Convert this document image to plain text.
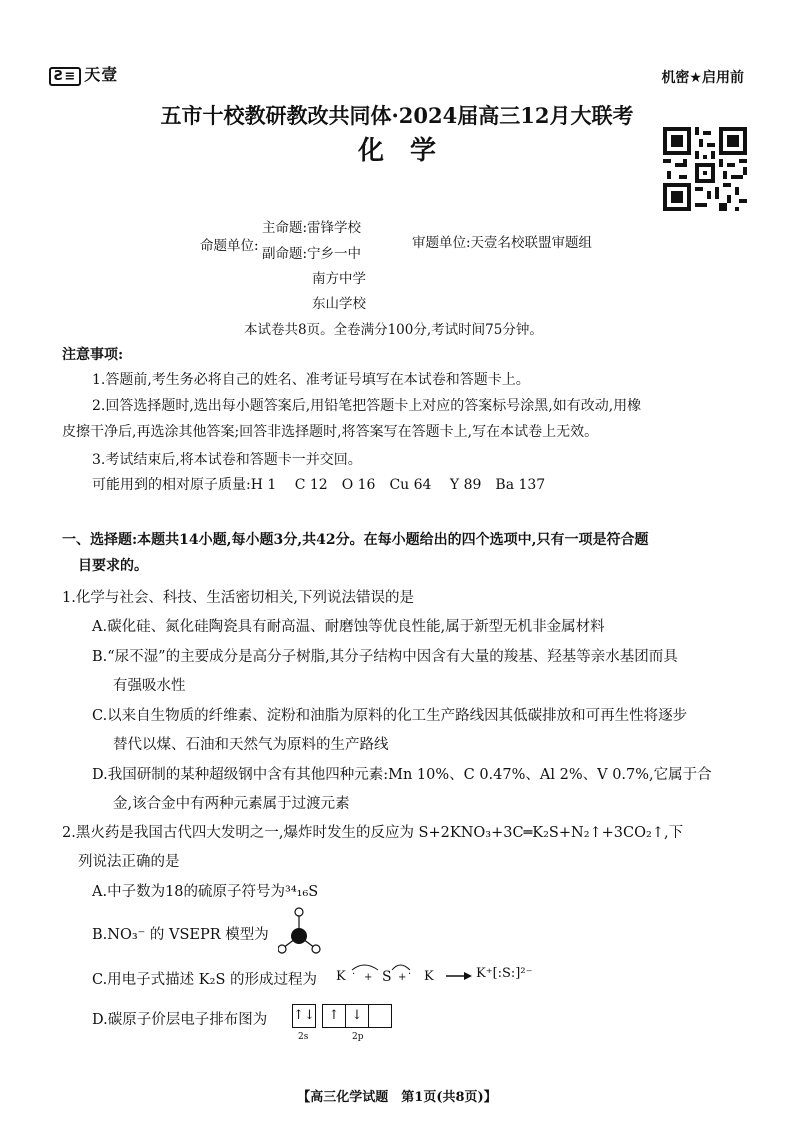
Ƨ≡ 天壹	机密★启用前
五市十校教研教改共同体·2024届高三12月大联考
化学
主命题:雷锋学校
命题单位: 副命题:宁乡一中
南方中学
东山学校
审题单位:天壹名校联盟审题组
本试卷共8页。全卷满分100分,考试时间75分钟。
注意事项:
1.答题前,考生务必将自己的姓名、准考证号填写在本试卷和答题卡上。
2.回答选择题时,选出每小题答案后,用铅笔把答题卡上对应的答案标号涂黑,如有改动,用橡
皮擦干净后,再选涂其他答案;回答非选择题时,将答案写在答题卡上,写在本试卷上无效。
3.考试结束后,将本试卷和答题卡一并交回。
可能用到的相对原子质量:H 1　 C 12　O 16　Cu 64　 Y 89　Ba 137
一、选择题:本题共14小题,每小题3分,共42分。在每小题给出的四个选项中,只有一项是符合题
目要求的。
1.化学与社会、科技、生活密切相关,下列说法错误的是
A.碳化硅、氮化硅陶瓷具有耐高温、耐磨蚀等优良性能,属于新型无机非金属材料
B.“尿不湿”的主要成分是高分子树脂,其分子结构中因含有大量的羧基、羟基等亲水基团而具
有强吸水性
C.以来自生物质的纤维素、淀粉和油脂为原料的化工生产路线因其低碳排放和可再生性将逐步
替代以煤、石油和天然气为原料的生产路线
D.我国研制的某种超级钢中含有其他四种元素:Mn 10%、C 0.47%、Al 2%、V 0.7%,它属于合
金,该合金中有两种元素属于过渡元素
2.黑火药是我国古代四大发明之一,爆炸时发生的反应为 S+2KNO₃+3C═K₂S+N₂↑+3CO₂↑,下
列说法正确的是
A.中子数为18的硫原子符号为³⁴₁₆S
B.NO₃⁻ 的 VSEPR 模型为
C.用电子式描述 K₂S 的形成过程为 K · + S + · K → K⁺[:S:]²⁻
D.碳原子价层电子排布图为 ↑↓	↑ ↓
2s	2p
【高三化学试题　第1页(共8页)】
